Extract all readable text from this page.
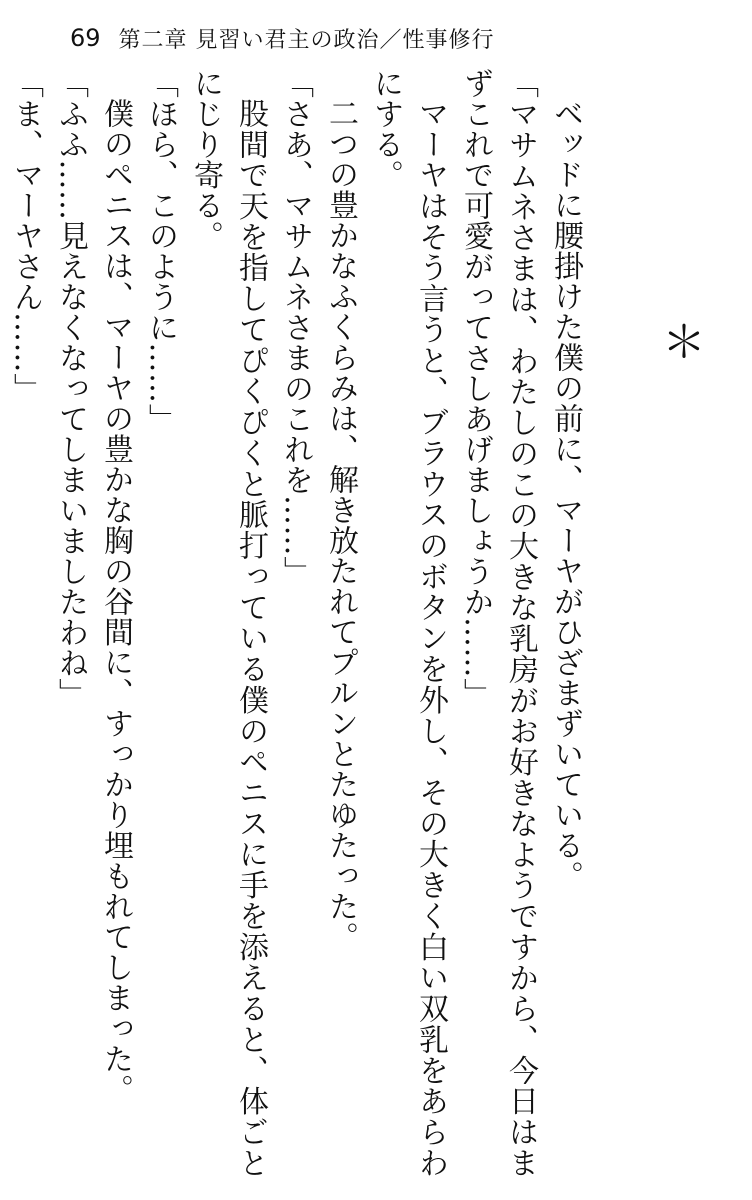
69 第二章 見習い君主の政治／性事修行
＊

ベッドに腰掛けた僕の前に、マーヤがひざまずいている。

「マサムネさまは、わたしのこの大きな乳房がお好きなようですから、今日はまずこれで可愛がってさしあげましょうか……」

マーヤはそう言うと、ブラウスのボタンを外し、その大きく白い双乳をあらわにする。

二つの豊かなふくらみは、解き放たれてプルンとたゆたった。

「さあ、マサムネさまのこれを……」

股間で天を指してぴくぴくと脈打っている僕のペニスに手を添えると、体ごとにじり寄る。

「ほら、このように……」

僕のペニスは、マーヤの豊かな胸の谷間に、すっかり埋もれてしまった。

「ふふ……見えなくなってしまいましたわね」

「ま、マーヤさん……」
